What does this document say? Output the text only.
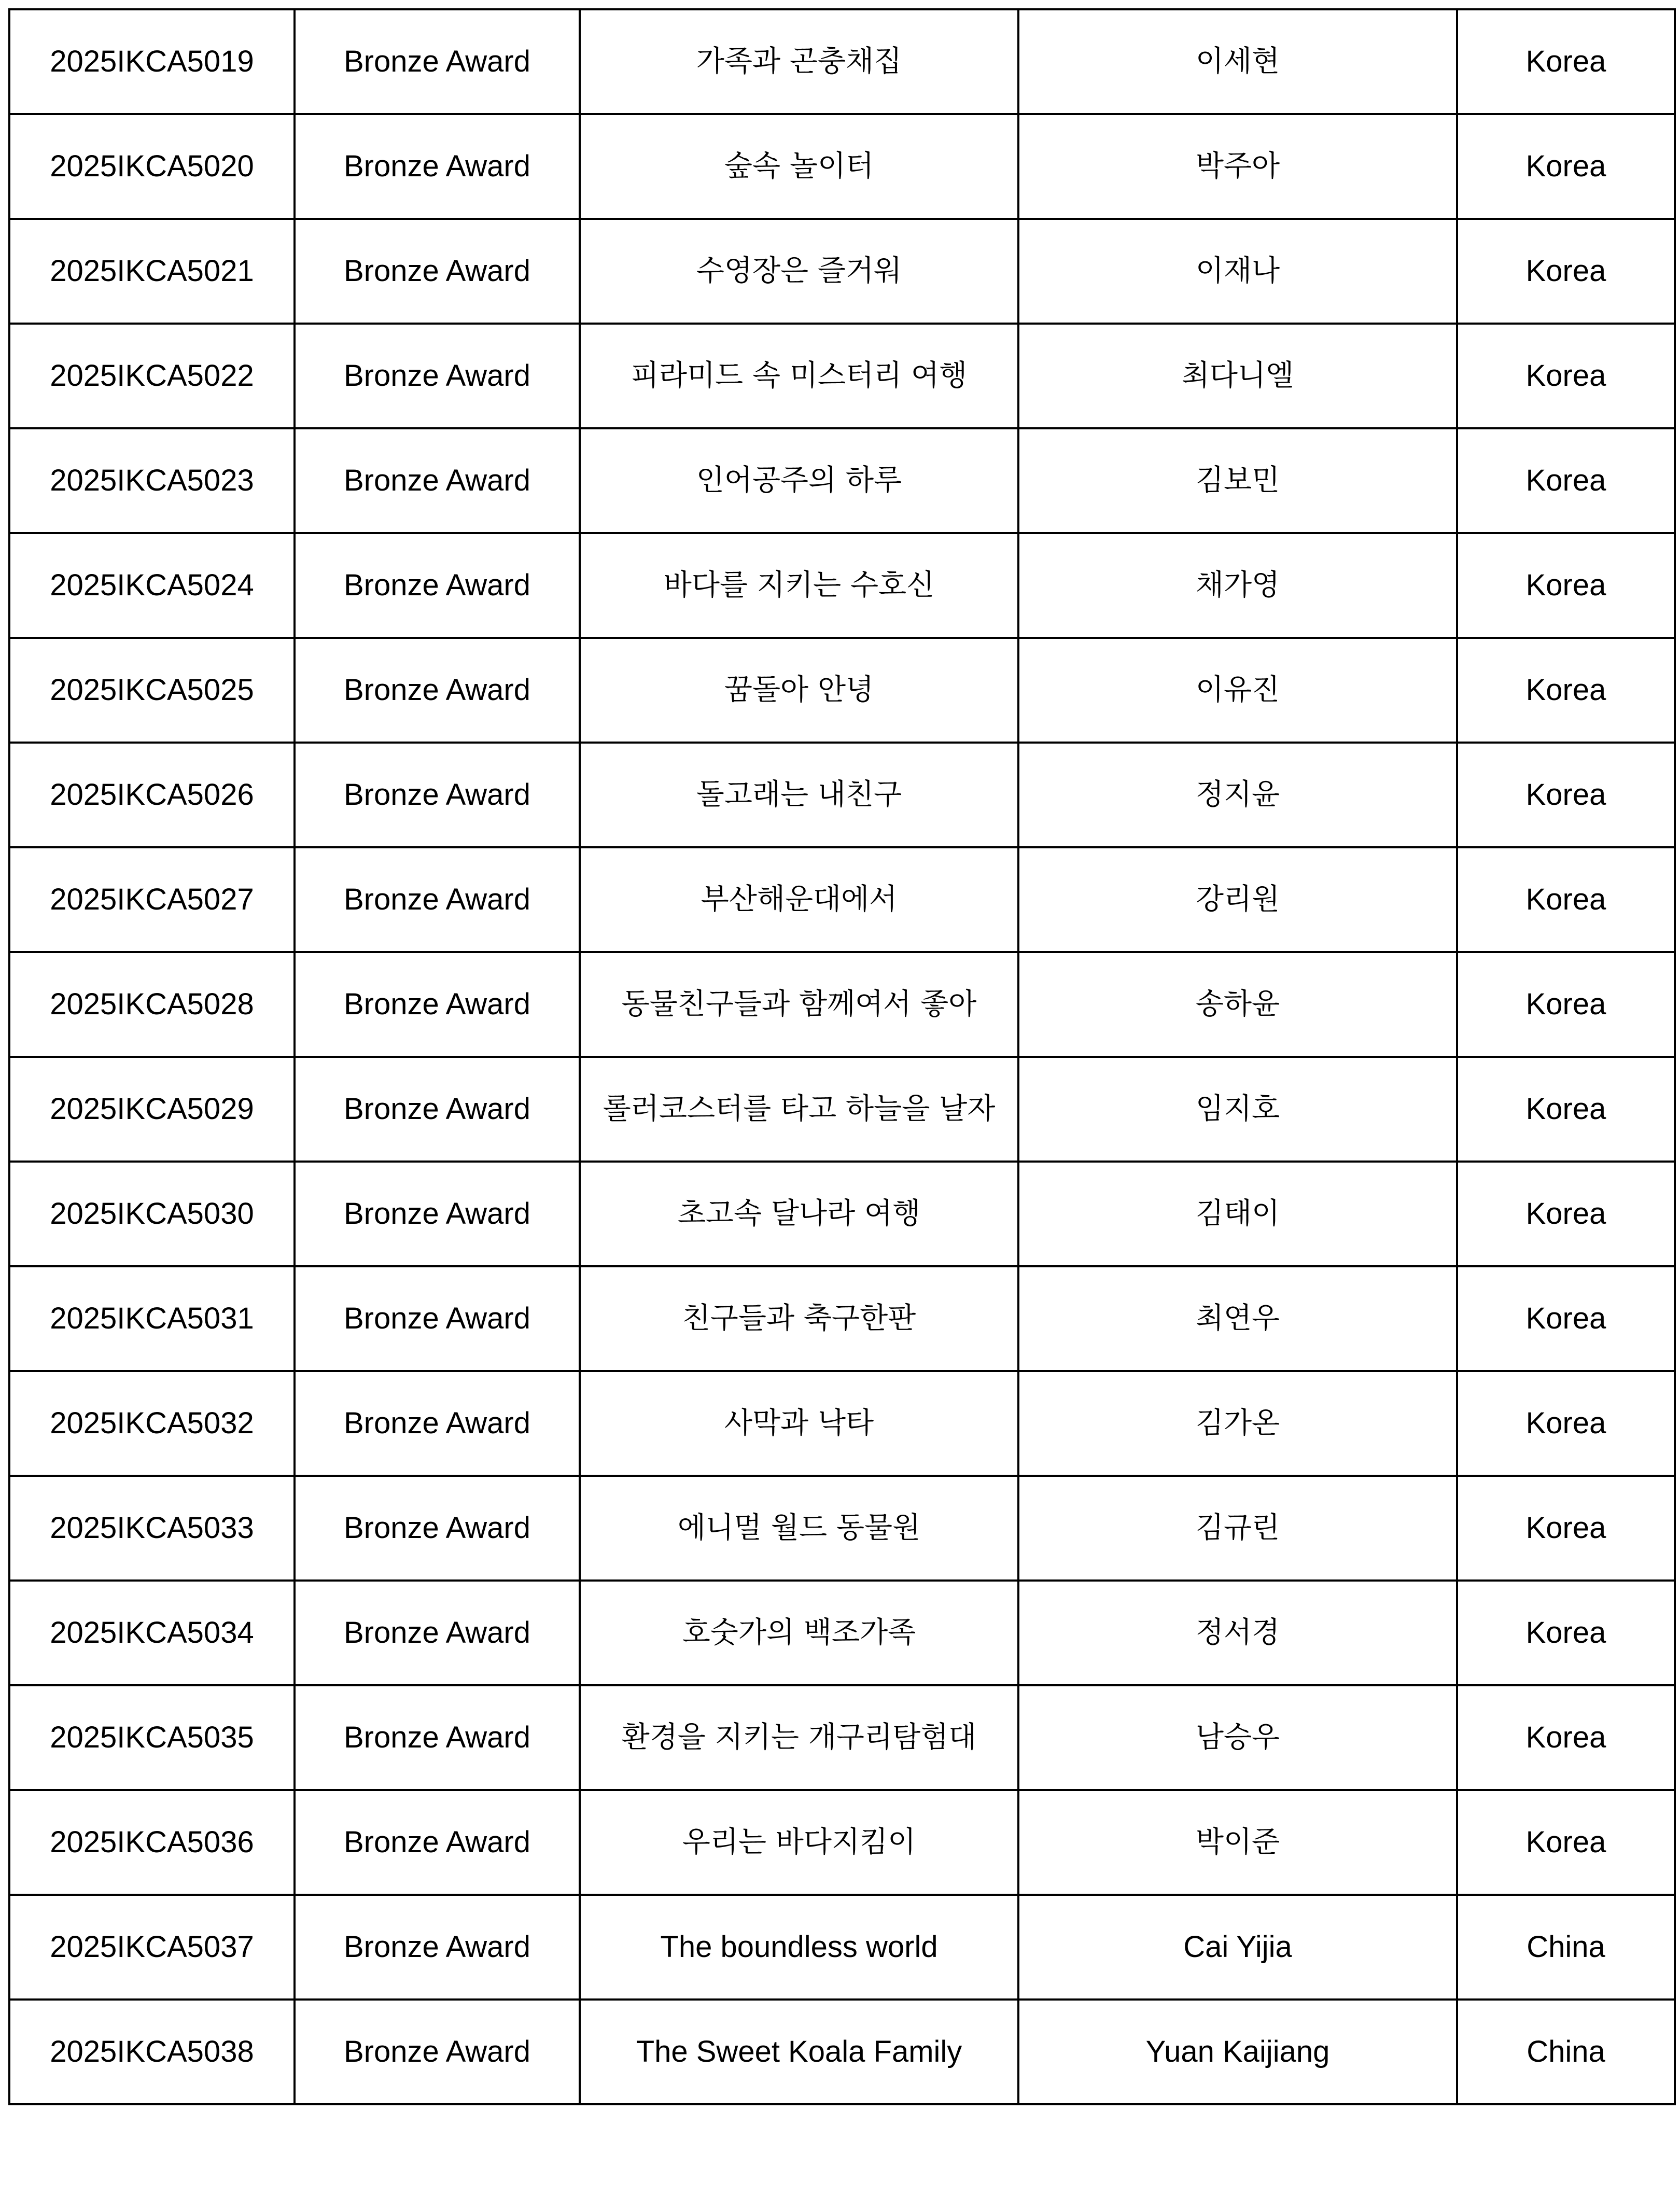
2025IKCA5019	Bronze Award	가족과 곤충채집	이세현	Korea
2025IKCA5020	Bronze Award	숲속 놀이터	박주아	Korea
2025IKCA5021	Bronze Award	수영장은 즐거워	이재나	Korea
2025IKCA5022	Bronze Award	피라미드 속 미스터리 여행	최다니엘	Korea
2025IKCA5023	Bronze Award	인어공주의 하루	김보민	Korea
2025IKCA5024	Bronze Award	바다를 지키는 수호신	채가영	Korea
2025IKCA5025	Bronze Award	꿈돌아 안녕	이유진	Korea
2025IKCA5026	Bronze Award	돌고래는 내친구	정지윤	Korea
2025IKCA5027	Bronze Award	부산해운대에서	강리원	Korea
2025IKCA5028	Bronze Award	동물친구들과 함께여서 좋아	송하윤	Korea
2025IKCA5029	Bronze Award	롤러코스터를 타고 하늘을 날자	임지호	Korea
2025IKCA5030	Bronze Award	초고속 달나라 여행	김태이	Korea
2025IKCA5031	Bronze Award	친구들과 축구한판	최연우	Korea
2025IKCA5032	Bronze Award	사막과 낙타	김가온	Korea
2025IKCA5033	Bronze Award	에니멀 월드 동물원	김규린	Korea
2025IKCA5034	Bronze Award	호숫가의 백조가족	정서경	Korea
2025IKCA5035	Bronze Award	환경을 지키는 개구리탐험대	남승우	Korea
2025IKCA5036	Bronze Award	우리는 바다지킴이	박이준	Korea
2025IKCA5037	Bronze Award	The boundless world	Cai Yijia	China
2025IKCA5038	Bronze Award	The Sweet Koala Family	Yuan Kaijiang	China
